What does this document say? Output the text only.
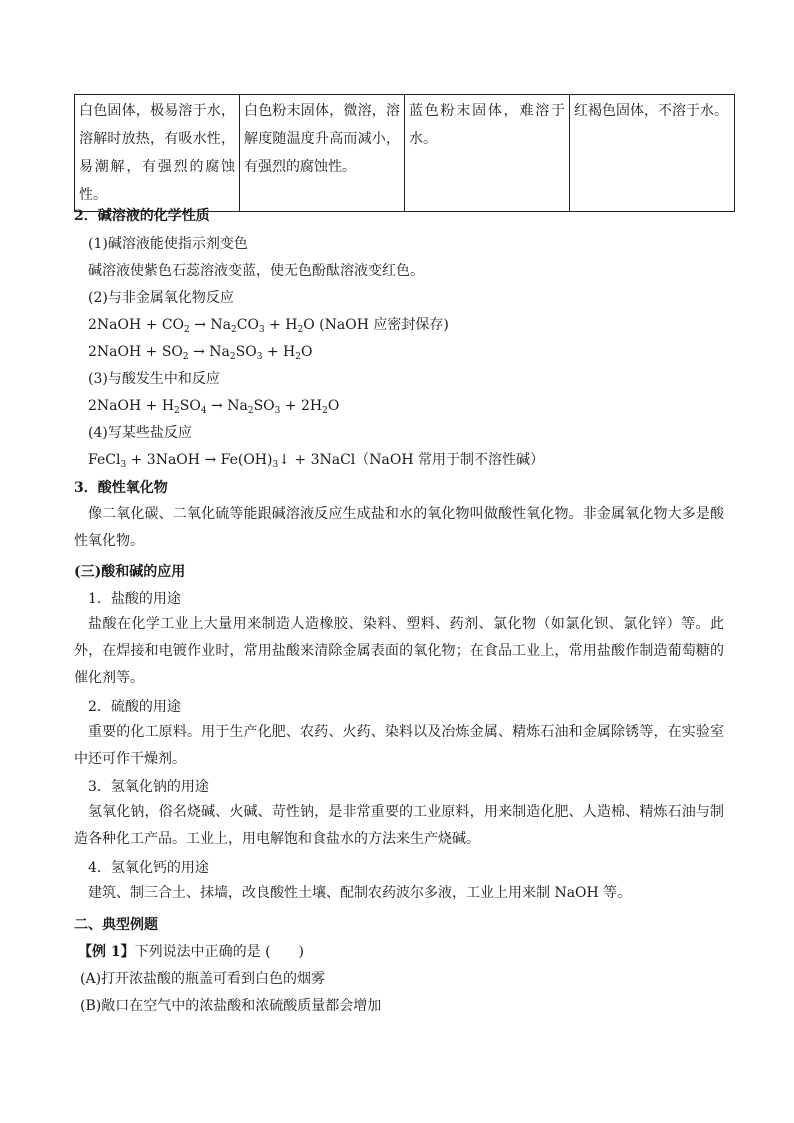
白色固体，极易溶于水，溶解时放热，有吸水性，易潮解，有强烈的腐蚀性。	白色粉末固体，微溶，溶解度随温度升高而减小，有强烈的腐蚀性。	蓝色粉末固体，难溶于水。	红褐色固体，不溶于水。
2．碱溶液的化学性质
(1)碱溶液能使指示剂变色
碱溶液使紫色石蕊溶液变蓝，使无色酚酞溶液变红色。
(2)与非金属氧化物反应
2NaOH + $CO_2 \to Na_2CO_3 + H_2O$ (NaOH 应密封保存)
2NaOH + $SO_2 \to Na_2SO_3 + H_2O$
(3)与酸发生中和反应
2NaOH + $H_2SO_4 \to Na_2SO_3 + 2H_2O$
(4)写某些盐反应
FeCl$_3$ + 3NaOH → $Fe(OH)_3↓$ + 3NaCl（NaOH 常用于制不溶性碱）
3．酸性氧化物
像二氧化碳、二氧化硫等能跟碱溶液反应生成盐和水的氧化物叫做酸性氧化物。非金属氧化物大多是酸性氧化物。
(三)酸和碱的应用
1．盐酸的用途
盐酸在化学工业上大量用来制造人造橡胶、染料、塑料、药剂、氯化物（如氯化钡、氯化锌）等。此外，在焊接和电镀作业时，常用盐酸来清除金属表面的氧化物；在食品工业上，常用盐酸作制造葡萄糖的催化剂等。
2．硫酸的用途
重要的化工原料。用于生产化肥、农药、火药、染料以及冶炼金属、精炼石油和金属除锈等，在实验室中还可作干燥剂。
3．氢氧化钠的用途
氢氧化钠，俗名烧碱、火碱、苛性钠，是非常重要的工业原料，用来制造化肥、人造棉、精炼石油与制造各种化工产品。工业上，用电解饱和食盐水的方法来生产烧碱。
4．氢氧化钙的用途
建筑、制三合土、抹墙，改良酸性土壤、配制农药波尔多液，工业上用来制 NaOH 等。
二、典型例题
【例 1】下列说法中正确的是 (　　)
(A)打开浓盐酸的瓶盖可看到白色的烟雾
(B)敞口在空气中的浓盐酸和浓硫酸质量都会增加
